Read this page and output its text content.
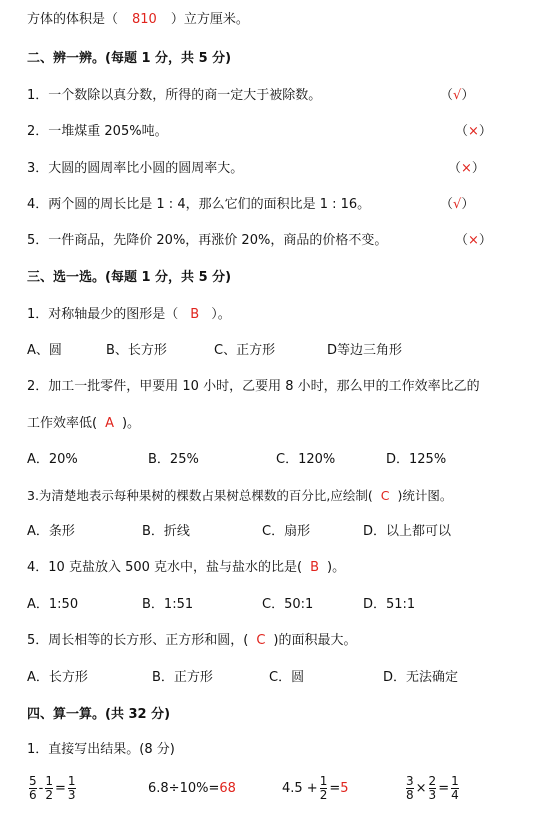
方体的体积是（ 810 ）立方厘米。
二、辨一辨。(每题 1 分，共 5 分)
1．一个数除以真分数，所得的商一定大于被除数。	（√）
2．一堆煤重 205%吨。	（×）
3．大圆的圆周率比小圆的圆周率大。	（×）
4．两个圆的周长比是 1 : 4，那么它们的面积比是 1 : 16。	（√）
5．一件商品，先降价 20%，再涨价 20%，商品的价格不变。	（×）
三、选一选。(每题 1 分，共 5 分)
1．对称轴最少的图形是（ B ）。
A、圆	B、长方形	C、正方形	D等边三角形
2．加工一批零件，甲要用 10 小时，乙要用 8 小时，那么甲的工作效率比乙的
工作效率低( A )。
A．20%	B．25%	C．120%	D．125%
3.为清楚地表示每种果树的棵数占果树总棵数的百分比,应绘制( C )统计图。
A．条形	B．折线	C．扇形	D．以上都可以
4．10 克盐放入 500 克水中，盐与盐水的比是( B )。
A．1:50	B．1:51	C．50:1	D．51:1
5．周长相等的长方形、正方形和圆，( C )的面积最大。
A．长方形	B．正方形	C．圆	D．无法确定
四、算一算。(共 32 分)
1．直接写出结果。(8 分)
$\frac{5}{6} - \frac{1}{2} = \frac{1}{3}$	6.8÷10%= 68	$4.5 + \frac{1}{2} = 5$	$\frac{3}{8} \times \frac{2}{3} = \frac{1}{4}$
